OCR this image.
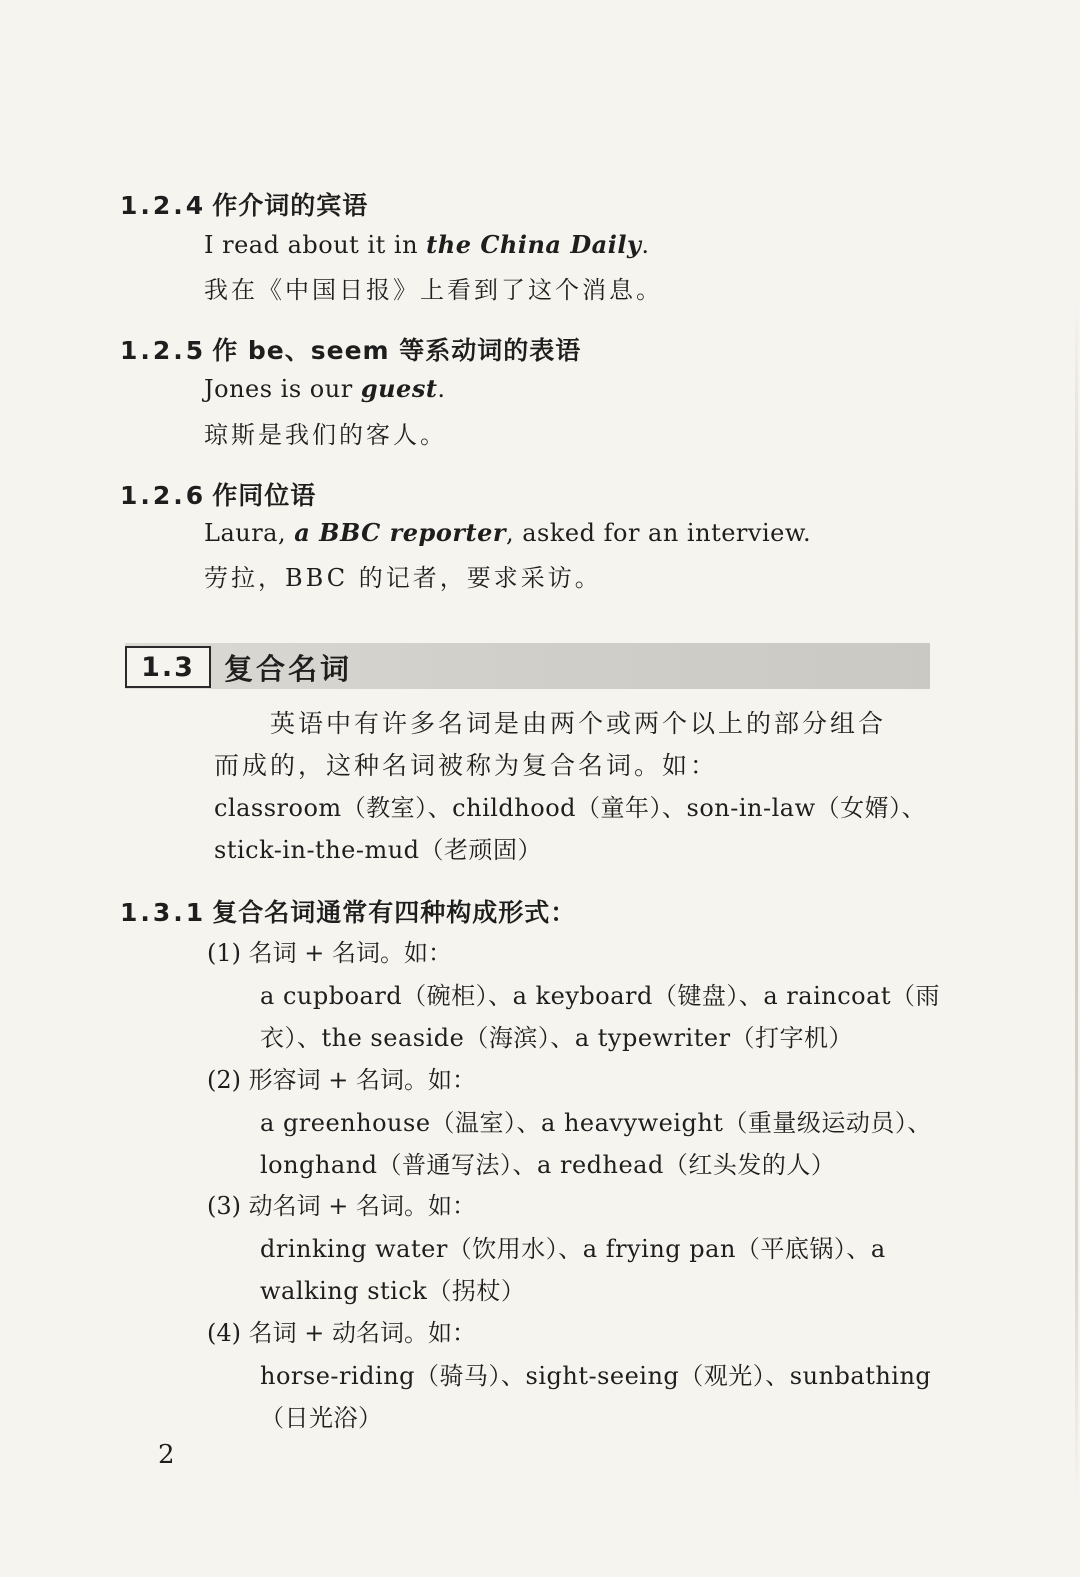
1.2.4 作介词的宾语
I read about it in the China Daily.
我在《中国日报》上看到了这个消息。
1.2.5 作 be、seem 等系动词的表语
Jones is our guest.
琼斯是我们的客人。
1.2.6 作同位语
Laura, a BBC reporter, asked for an interview.
劳拉，BBC 的记者，要求采访。
1.3	复合名词
英语中有许多名词是由两个或两个以上的部分组合
而成的，这种名词被称为复合名词。如：
classroom（教室）、childhood（童年）、son-in-law（女婿）、
stick-in-the-mud（老顽固）
1.3.1 复合名词通常有四种构成形式：
(1) 名词 + 名词。如：
a cupboard（碗柜）、a keyboard（键盘）、a raincoat（雨
衣）、the seaside（海滨）、a typewriter（打字机）
(2) 形容词 + 名词。如：
a greenhouse（温室）、a heavyweight（重量级运动员）、
longhand（普通写法）、a redhead（红头发的人）
(3) 动名词 + 名词。如：
drinking water（饮用水）、a frying pan（平底锅）、a
walking stick（拐杖）
(4) 名词 + 动名词。如：
horse-riding（骑马）、sight-seeing（观光）、sunbathing
（日光浴）
2
